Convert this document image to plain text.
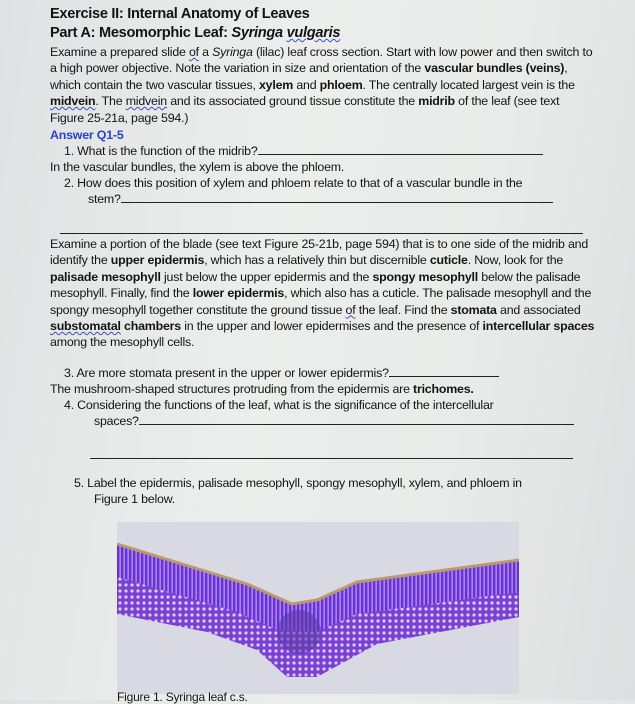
Exercise II: Internal Anatomy of Leaves
Part A: Mesomorphic Leaf: Syringa vulgaris
Examine a prepared slide of a Syringa (lilac) leaf cross section. Start with low power and then switch to a high power objective. Note the variation in size and orientation of the vascular bundles (veins), which contain the two vascular tissues, xylem and phloem. The centrally located largest vein is the midvein. The midvein and its associated ground tissue constitute the midrib of the leaf (see text Figure 25-21a, page 594.)
Answer Q1-5
1. What is the function of the midrib?
In the vascular bundles, the xylem is above the phloem.
2. How does this position of xylem and phloem relate to that of a vascular bundle in the
stem?
Examine a portion of the blade (see text Figure 25-21b, page 594) that is to one side of the midrib and identify the upper epidermis, which has a relatively thin but discernible cuticle. Now, look for the palisade mesophyll just below the upper epidermis and the spongy mesophyll below the palisade mesophyll. Finally, find the lower epidermis, which also has a cuticle. The palisade mesophyll and the spongy mesophyll together constitute the ground tissue of the leaf. Find the stomata and associated substomatal chambers in the upper and lower epidermises and the presence of intercellular spaces among the mesophyll cells.
3. Are more stomata present in the upper or lower epidermis?
The mushroom-shaped structures protruding from the epidermis are trichomes.
4. Considering the functions of the leaf, what is the significance of the intercellular
spaces?
5. Label the epidermis, palisade mesophyll, spongy mesophyll, xylem, and phloem in
Figure 1 below.
Figure 1. Syringa leaf c.s.
